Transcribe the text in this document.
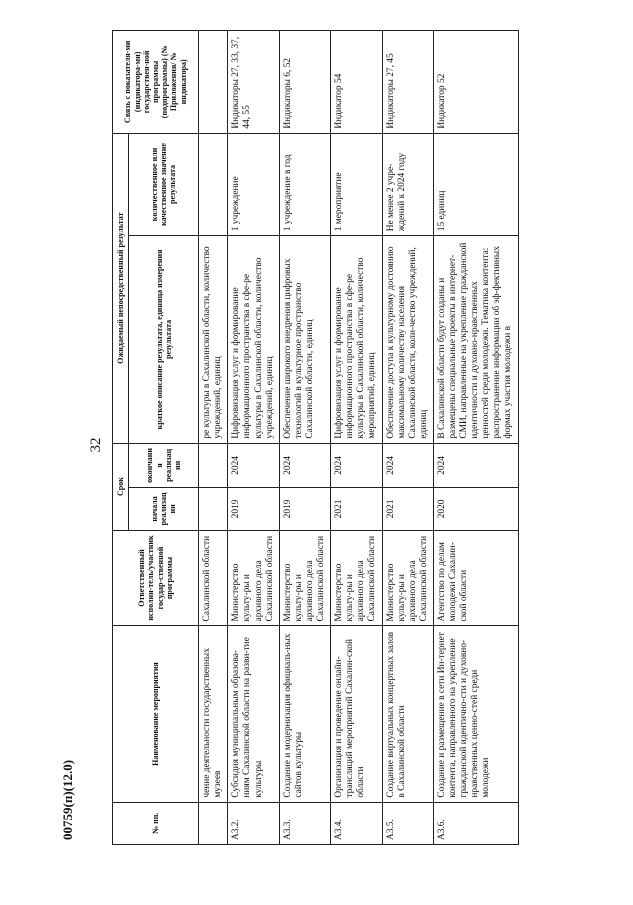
32
№ пп.	Наименование мероприятия	Ответственный исполни-тель/участник государ-ственной программы	Срок		Ожидаемый непосредственный результат		Связь с показателя-ми (индикатора-ми) государствен-ной программы (подпрограммы) (№ Приложения/ № индикатора)
			начала реализации	окончания реализации	краткое описание результата, единица измерения результата	количественное или качественное значение результата	
	чение деятельности государственных музеев	Сахалинской области			ре культуры в Сахалинской области, количество учреждений, единиц		
А3.2.	Субсидия муниципальным образова-ниям Сахалинской области на разви-тие культуры	Министерство культу-ры и архивного дела Сахалинской области	2019	2024	Цифровизация услуг и формирование информационного пространства в сфе-ре культуры в Сахалинской области, количество учреждений, единиц	1 учреждение	Индикаторы 27, 33, 37, 44, 55
А3.3.	Создание и модернизация официаль-ных сайтов культуры	Министерство культу-ры и архивного дела Сахалинской области	2019	2024	Обеспечение широкого внедрения цифровых технологий в культурное пространство Сахалинской области, единиц	1 учреждение в год	Индикаторы 6, 52
А3.4.	Организация и проведение онлайн-трансляций мероприятий Сахалин-ской области	Министерство культу-ры и архивного дела Сахалинской области	2021	2024	Цифровизация услуг и формирование информационного пространства в сфе-ре культуры в Сахалинской области, количество мероприятий, единиц	1 мероприятие	Индикатор 54
А3.5.	Создание виртуальных концертных залов в Сахалинской области	Министерство культу-ры и архивного дела Сахалинской области	2021	2024	Обеспечение доступа к культурному достоянию максимальному количеству населения Сахалинской области, коли-чество учреждений, единиц	Не менее 2 учре-ждений к 2024 году	Индикаторы 27, 45
А3.6.	Создание и размещение в сети Ин-тернет контента, направленного на укрепление гражданской идентично-сти и духовно-нравственных ценно-стей среди молодежи	Агентство по делам молодежи Сахалин-ской области	2020	2024	В Сахалинской области будут созданы и размещены специальные проекты в интернет-СМИ, направленные на укрепление гражданской идентичности и духовно-нравственных ценностей среди молодежи. Тематика контента: распространение информации об эф-фективных формах участия молодежи в	15 единиц	Индикатор 52
00759(п)(12.0)
